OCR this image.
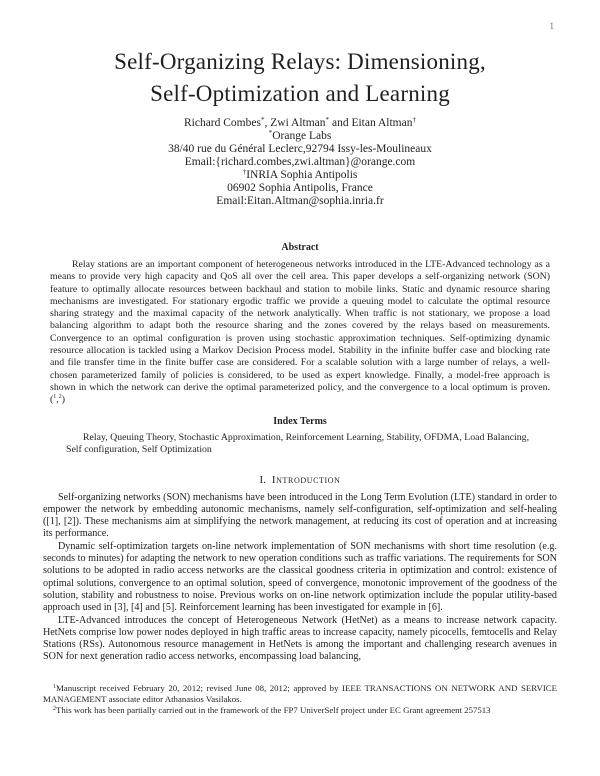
1
Self-Organizing Relays: Dimensioning,
Self-Optimization and Learning
Richard Combes*, Zwi Altman* and Eitan Altman†
*Orange Labs
38/40 rue du Général Leclerc,92794 Issy-les-Moulineaux
Email:{richard.combes,zwi.altman}@orange.com
†INRIA Sophia Antipolis
06902 Sophia Antipolis, France
Email:Eitan.Altman@sophia.inria.fr
Abstract

Relay stations are an important component of heterogeneous networks introduced in the LTE-Advanced technology as a means to provide very high capacity and QoS all over the cell area. This paper develops a self-organizing network (SON) feature to optimally allocate resources between backhaul and station to mobile links. Static and dynamic resource sharing mechanisms are investigated. For stationary ergodic traffic we provide a queuing model to calculate the optimal resource sharing strategy and the maximal capacity of the network analytically. When traffic is not stationary, we propose a load balancing algorithm to adapt both the resource sharing and the zones covered by the relays based on measurements. Convergence to an optimal configuration is proven using stochastic approximation techniques. Self-optimizing dynamic resource allocation is tackled using a Markov Decision Process model. Stability in the infinite buffer case and blocking rate and file transfer time in the finite buffer case are considered. For a scalable solution with a large number of relays, a well-chosen parameterized family of policies is considered, to be used as expert knowledge. Finally, a model-free approach is shown in which the network can derive the optimal parameterized policy, and the convergence to a local optimum is proven. ($^1$,$^2$)

Index Terms

Relay, Queuing Theory, Stochastic Approximation, Reinforcement Learning, Stability, OFDMA, Load Balancing, Self configuration, Self Optimization

I. Introduction

Self-organizing networks (SON) mechanisms have been introduced in the Long Term Evolution (LTE) standard in order to empower the network by embedding autonomic mechanisms, namely self-configuration, self-optimization and self-healing ([1], [2]). These mechanisms aim at simplifying the network management, at reducing its cost of operation and at increasing its performance.

Dynamic self-optimization targets on-line network implementation of SON mechanisms with short time resolution (e.g. seconds to minutes) for adapting the network to new operation conditions such as traffic variations. The requirements for SON solutions to be adopted in radio access networks are the classical goodness criteria in optimization and control: existence of optimal solutions, convergence to an optimal solution, speed of convergence, monotonic improvement of the goodness of the solution, stability and robustness to noise. Previous works on on-line network optimization include the popular utility-based approach used in [3], [4] and [5]. Reinforcement learning has been investigated for example in [6].

LTE-Advanced introduces the concept of Heterogeneous Network (HetNet) as a means to increase network capacity. HetNets comprise low power nodes deployed in high traffic areas to increase capacity, namely picocells, femtocells and Relay Stations (RSs). Autonomous resource management in HetNets is among the important and challenging research avenues in SON for next generation radio access networks, encompassing load balancing,

$^1$Manuscript received February 20, 2012; revised June 08, 2012; approved by IEEE TRANSACTIONS ON NETWORK AND SERVICE MANAGEMENT associate editor Athanasios Vasilakos.

$^2$This work has been partially carried out in the framework of the FP7 UniverSelf project under EC Grant agreement 257513
